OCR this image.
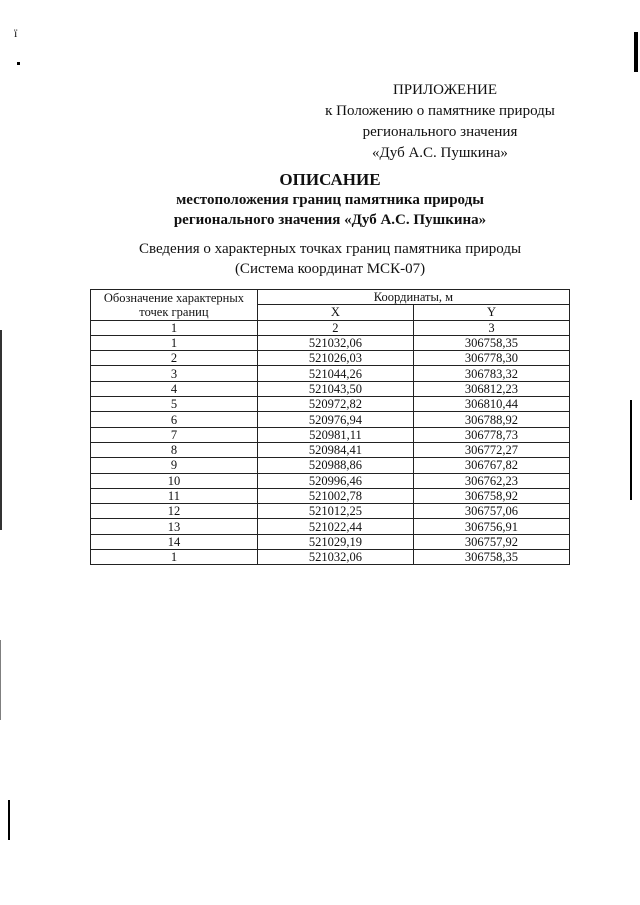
ї
ПРИЛОЖЕНИЕ
к Положению о памятнике природы
регионального значения
«Дуб А.С. Пушкина»
ОПИСАНИЕ
местоположения границ памятника природы
регионального значения «Дуб А.С. Пушкина»
Сведения о характерных точках границ памятника природы
(Система координат МСК-07)
Обозначение характерных точек границ	Координаты, м	
	X	Y
1	2	3
1	521032,06	306758,35
2	521026,03	306778,30
3	521044,26	306783,32
4	521043,50	306812,23
5	520972,82	306810,44
6	520976,94	306788,92
7	520981,11	306778,73
8	520984,41	306772,27
9	520988,86	306767,82
10	520996,46	306762,23
11	521002,78	306758,92
12	521012,25	306757,06
13	521022,44	306756,91
14	521029,19	306757,92
1	521032,06	306758,35
